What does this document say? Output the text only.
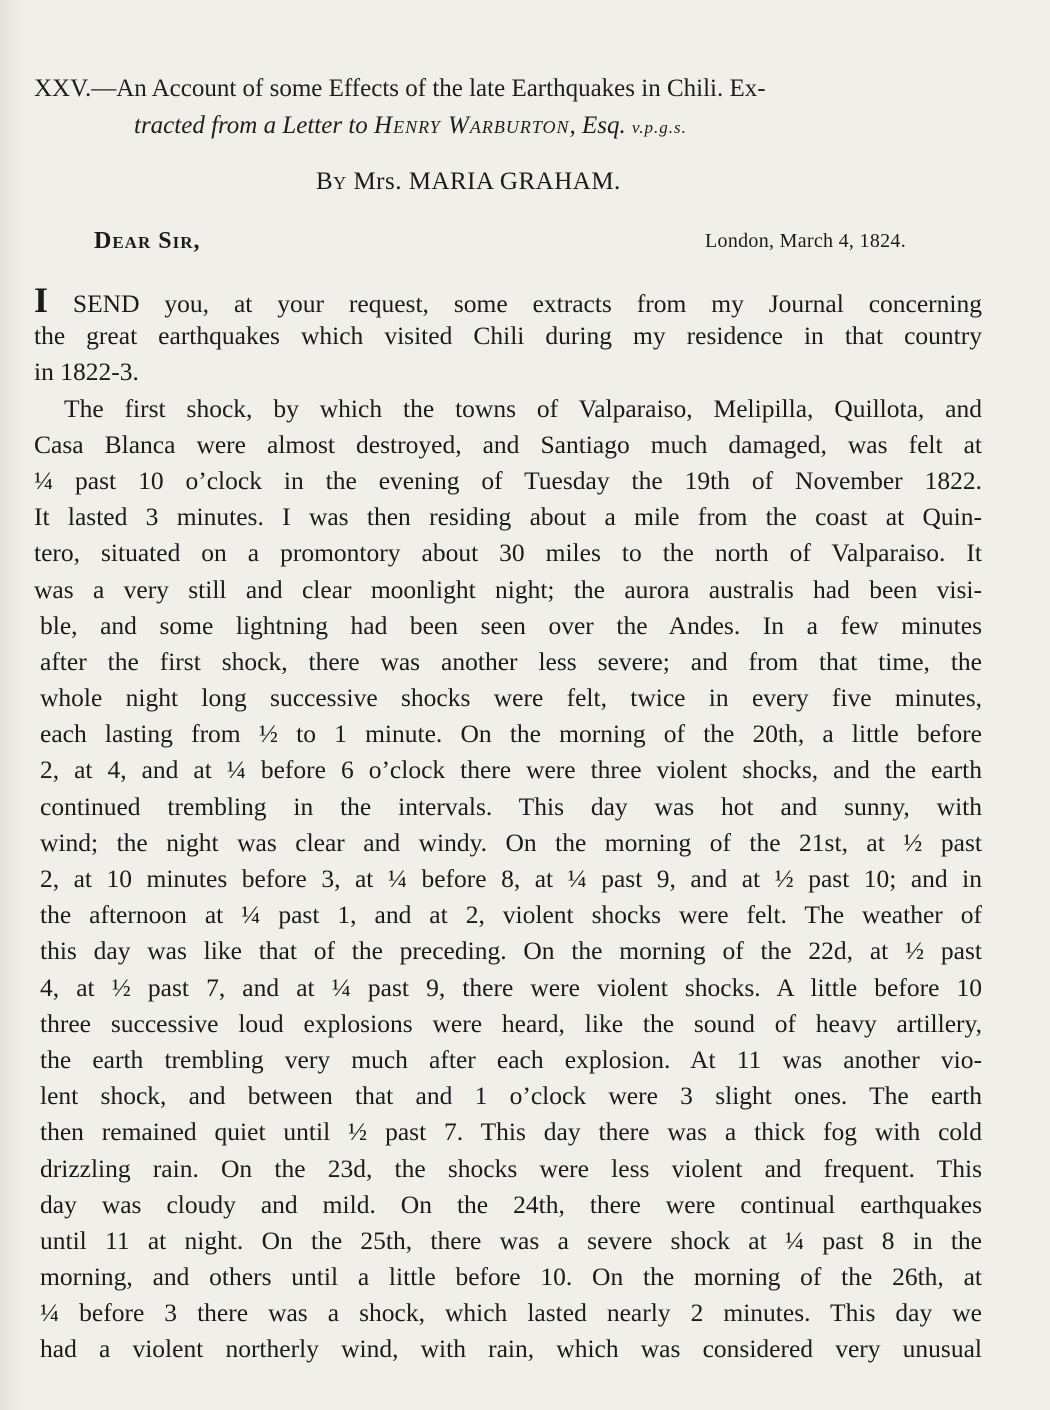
XXV.—An Account of some Effects of the late Earthquakes in Chili. Ex-
tracted from a Letter to Henry Warburton, Esq. v.p.g.s.
By Mrs. MARIA GRAHAM.
Dear Sir,	London, March 4, 1824.
I SEND you, at your request, some extracts from my Journal concerning
the great earthquakes which visited Chili during my residence in that country
in 1822-3.
The first shock, by which the towns of Valparaiso, Melipilla, Quillota, and
Casa Blanca were almost destroyed, and Santiago much damaged, was felt at
¼ past 10 o’clock in the evening of Tuesday the 19th of November 1822.
It lasted 3 minutes. I was then residing about a mile from the coast at Quin-
tero, situated on a promontory about 30 miles to the north of Valparaiso. It
was a very still and clear moonlight night; the aurora australis had been visi-
ble, and some lightning had been seen over the Andes. In a few minutes
after the first shock, there was another less severe; and from that time, the
whole night long successive shocks were felt, twice in every five minutes,
each lasting from ½ to 1 minute. On the morning of the 20th, a little before
2, at 4, and at ¼ before 6 o’clock there were three violent shocks, and the earth
continued trembling in the intervals. This day was hot and sunny, with
wind; the night was clear and windy. On the morning of the 21st, at ½ past
2, at 10 minutes before 3, at ¼ before 8, at ¼ past 9, and at ½ past 10; and in
the afternoon at ¼ past 1, and at 2, violent shocks were felt. The weather of
this day was like that of the preceding. On the morning of the 22d, at ½ past
4, at ½ past 7, and at ¼ past 9, there were violent shocks. A little before 10
three successive loud explosions were heard, like the sound of heavy artillery,
the earth trembling very much after each explosion. At 11 was another vio-
lent shock, and between that and 1 o’clock were 3 slight ones. The earth
then remained quiet until ½ past 7. This day there was a thick fog with cold
drizzling rain. On the 23d, the shocks were less violent and frequent. This
day was cloudy and mild. On the 24th, there were continual earthquakes
until 11 at night. On the 25th, there was a severe shock at ¼ past 8 in the
morning, and others until a little before 10. On the morning of the 26th, at
¼ before 3 there was a shock, which lasted nearly 2 minutes. This day we
had a violent northerly wind, with rain, which was considered very unusual
